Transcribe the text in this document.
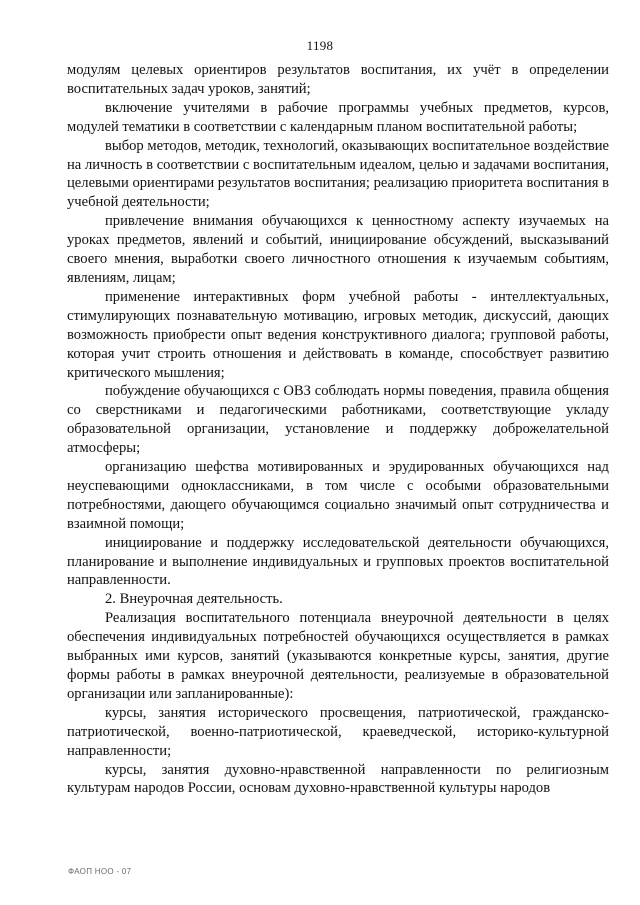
1198

модулям целевых ориентиров результатов воспитания, их учёт в определении воспитательных задач уроков, занятий;

включение учителями в рабочие программы учебных предметов, курсов, модулей тематики в соответствии с календарным планом воспитательной работы;

выбор методов, методик, технологий, оказывающих воспитательное воздействие на личность в соответствии с воспитательным идеалом, целью и задачами воспитания, целевыми ориентирами результатов воспитания; реализацию приоритета воспитания в учебной деятельности;

привлечение внимания обучающихся к ценностному аспекту изучаемых на уроках предметов, явлений и событий, инициирование обсуждений, высказываний своего мнения, выработки своего личностного отношения к изучаемым событиям, явлениям, лицам;

применение интерактивных форм учебной работы - интеллектуальных, стимулирующих познавательную мотивацию, игровых методик, дискуссий, дающих возможность приобрести опыт ведения конструктивного диалога; групповой работы, которая учит строить отношения и действовать в команде, способствует развитию критического мышления;

побуждение обучающихся с ОВЗ соблюдать нормы поведения, правила общения со сверстниками и педагогическими работниками, соответствующие укладу образовательной организации, установление и поддержку доброжелательной атмосферы;

организацию шефства мотивированных и эрудированных обучающихся над неуспевающими одноклассниками, в том числе с особыми образовательными потребностями, дающего обучающимся социально значимый опыт сотрудничества и взаимной помощи;

инициирование и поддержку исследовательской деятельности обучающихся, планирование и выполнение индивидуальных и групповых проектов воспитательной направленности.

2. Внеурочная деятельность.

Реализация воспитательного потенциала внеурочной деятельности в целях обеспечения индивидуальных потребностей обучающихся осуществляется в рамках выбранных ими курсов, занятий (указываются конкретные курсы, занятия, другие формы работы в рамках внеурочной деятельности, реализуемые в образовательной организации или запланированные):

курсы, занятия исторического просвещения, патриотической, гражданско-патриотической, военно-патриотической, краеведческой, историко-культурной направленности;

курсы, занятия духовно-нравственной направленности по религиозным культурам народов России, основам духовно-нравственной культуры народов

ФАОП НОО - 07
